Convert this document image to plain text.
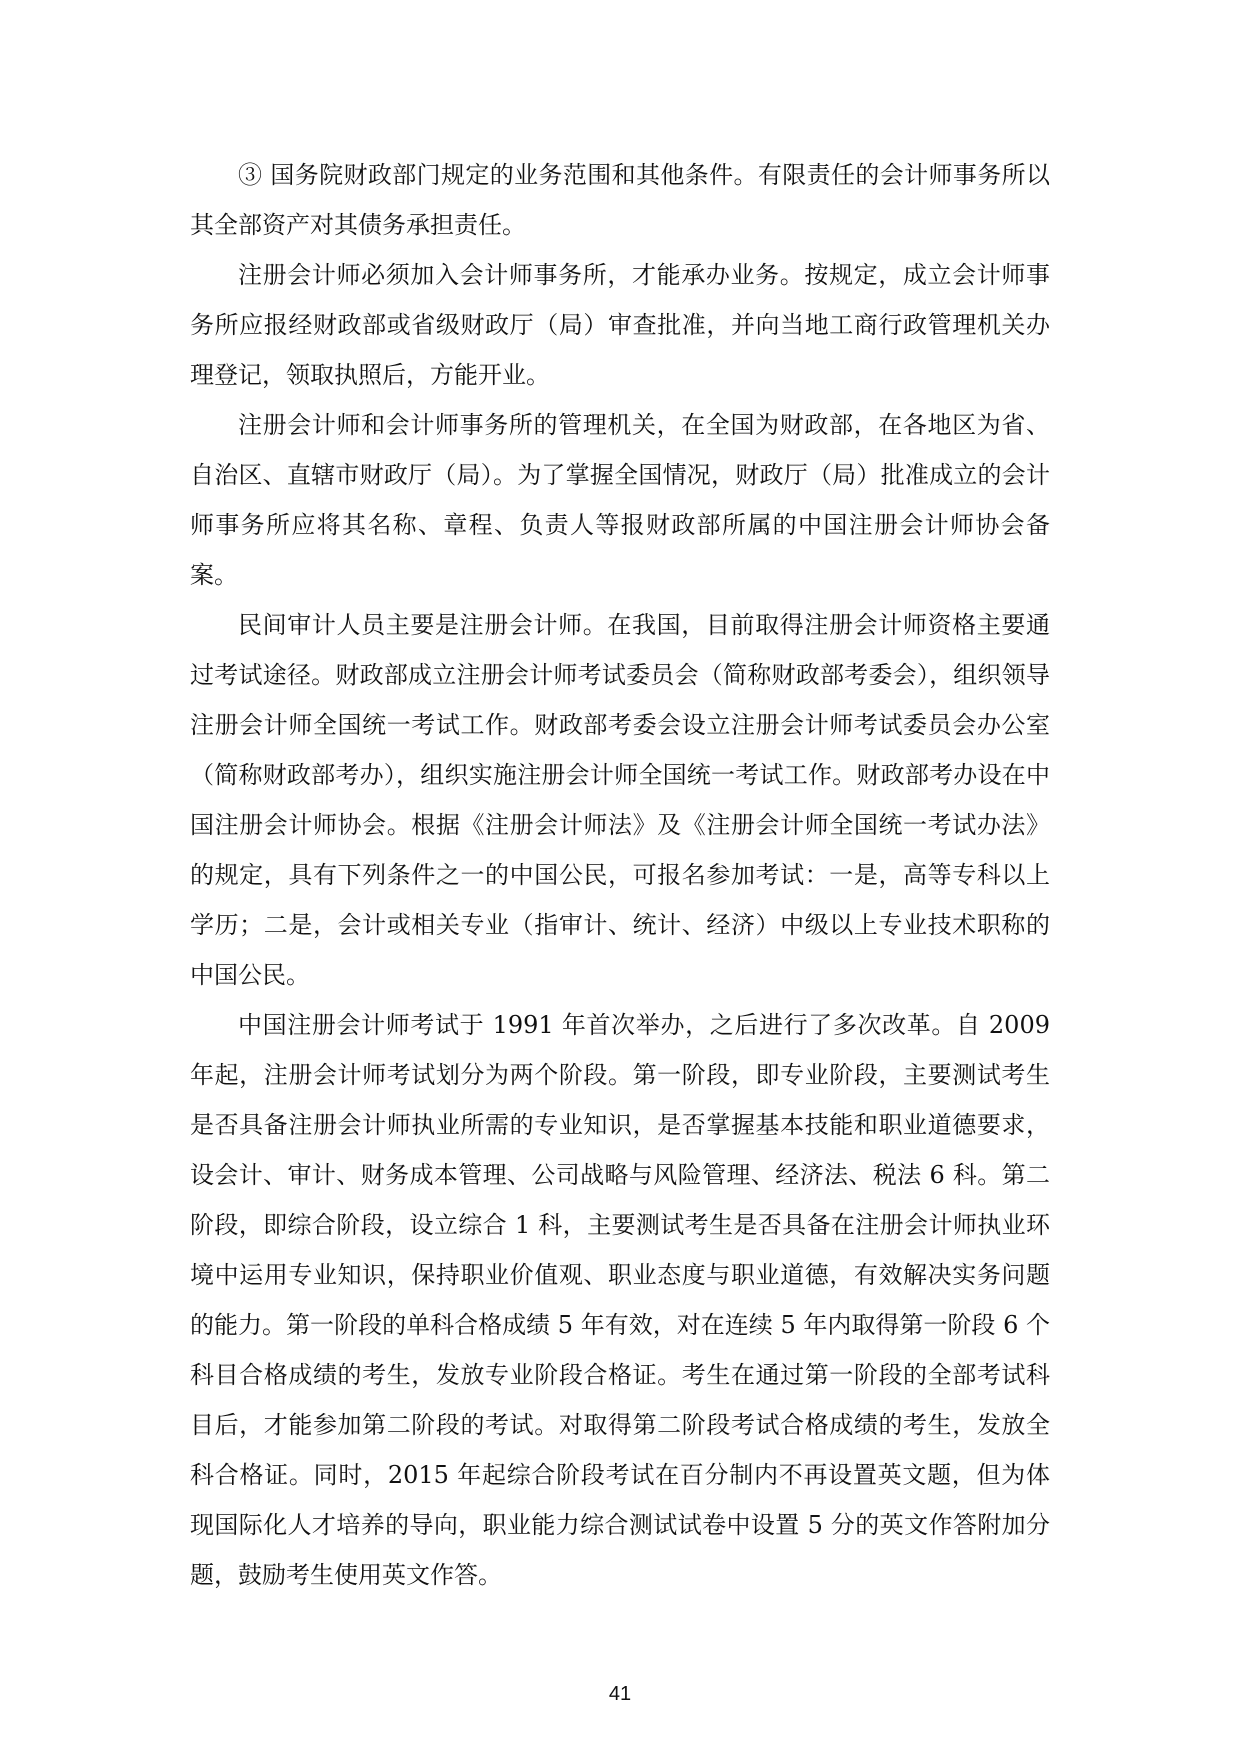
③ 国务院财政部门规定的业务范围和其他条件。有限责任的会计师事务所以其全部资产对其债务承担责任。

注册会计师必须加入会计师事务所，才能承办业务。按规定，成立会计师事务所应报经财政部或省级财政厅（局）审查批准，并向当地工商行政管理机关办理登记，领取执照后，方能开业。

注册会计师和会计师事务所的管理机关，在全国为财政部，在各地区为省、自治区、直辖市财政厅（局）。为了掌握全国情况，财政厅（局）批准成立的会计师事务所应将其名称、章程、负责人等报财政部所属的中国注册会计师协会备案。

民间审计人员主要是注册会计师。在我国，目前取得注册会计师资格主要通过考试途径。财政部成立注册会计师考试委员会（简称财政部考委会），组织领导注册会计师全国统一考试工作。财政部考委会设立注册会计师考试委员会办公室（简称财政部考办），组织实施注册会计师全国统一考试工作。财政部考办设在中国注册会计师协会。根据《注册会计师法》及《注册会计师全国统一考试办法》的规定，具有下列条件之一的中国公民，可报名参加考试：一是，高等专科以上学历；二是，会计或相关专业（指审计、统计、经济）中级以上专业技术职称的中国公民。

中国注册会计师考试于 1991 年首次举办，之后进行了多次改革。自 2009 年起，注册会计师考试划分为两个阶段。第一阶段，即专业阶段，主要测试考生是否具备注册会计师执业所需的专业知识，是否掌握基本技能和职业道德要求，设会计、审计、财务成本管理、公司战略与风险管理、经济法、税法 6 科。第二阶段，即综合阶段，设立综合 1 科，主要测试考生是否具备在注册会计师执业环境中运用专业知识，保持职业价值观、职业态度与职业道德，有效解决实务问题的能力。第一阶段的单科合格成绩 5 年有效，对在连续 5 年内取得第一阶段 6 个科目合格成绩的考生，发放专业阶段合格证。考生在通过第一阶段的全部考试科目后，才能参加第二阶段的考试。对取得第二阶段考试合格成绩的考生，发放全科合格证。同时，2015 年起综合阶段考试在百分制内不再设置英文题，但为体现国际化人才培养的导向，职业能力综合测试试卷中设置 5 分的英文作答附加分题，鼓励考生使用英文作答。

41
